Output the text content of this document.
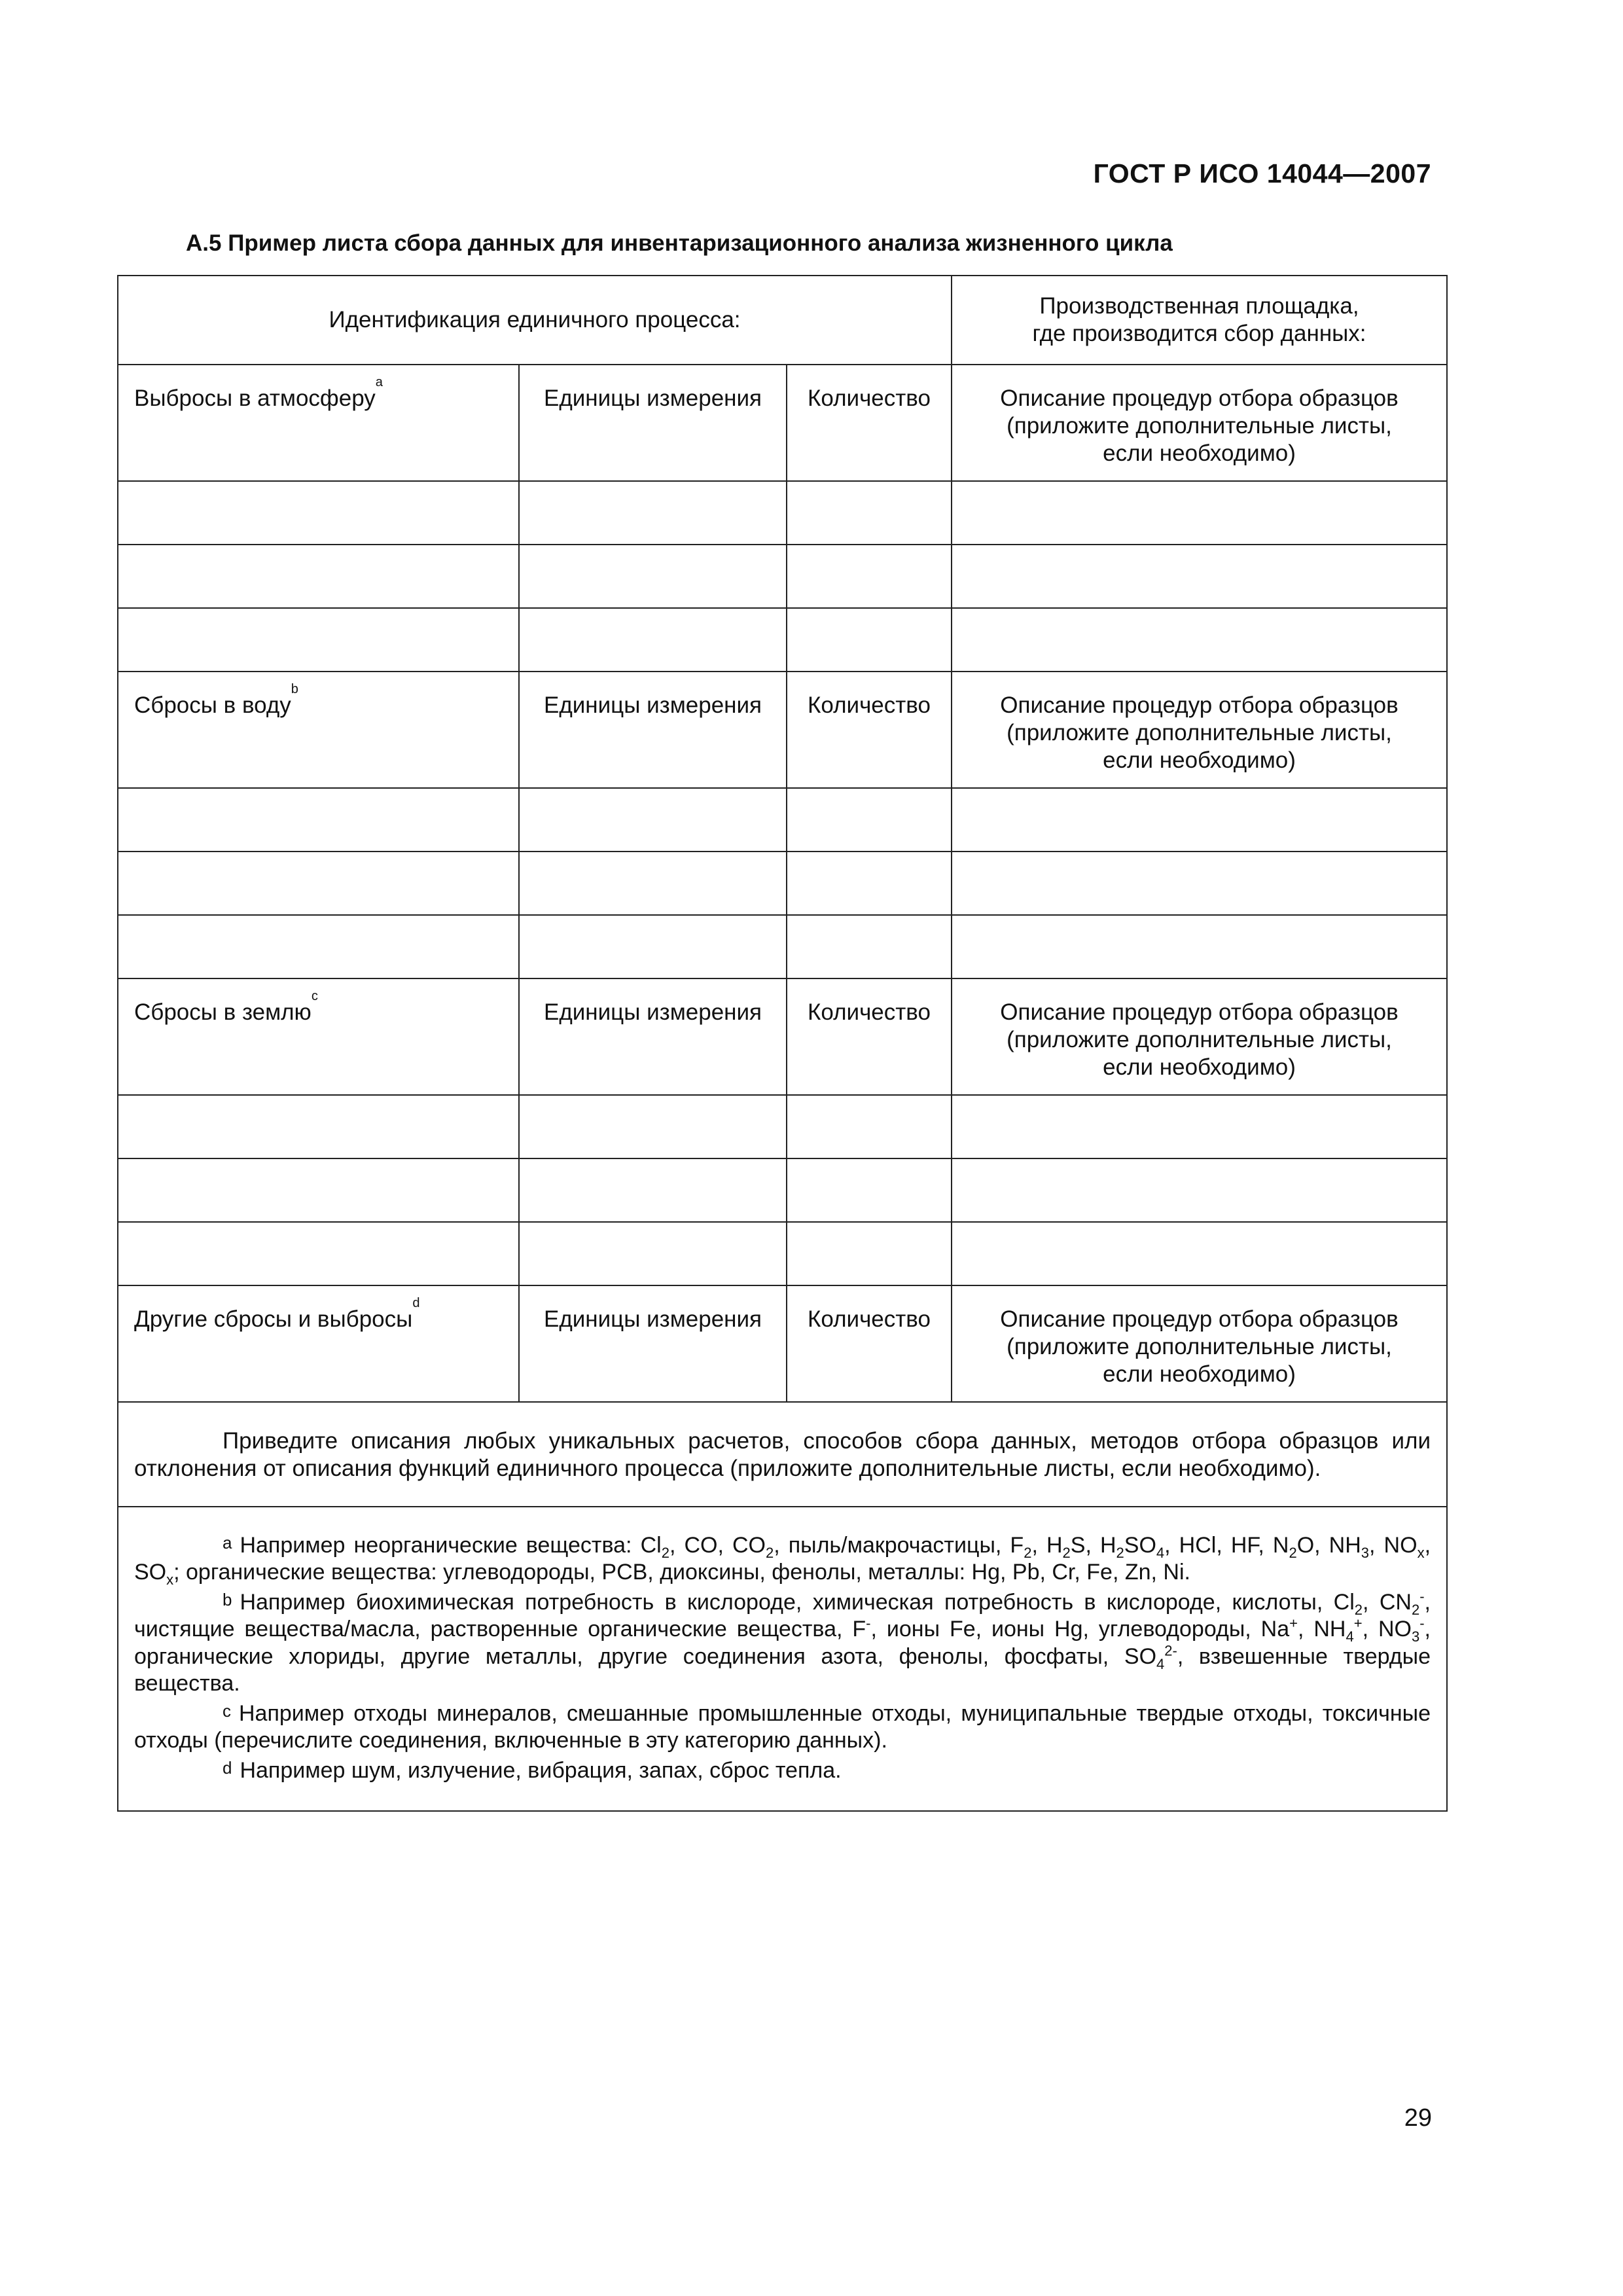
ГОСТ Р ИСО 14044—2007
А.5 Пример листа сбора данных для инвентаризационного анализа жизненного цикла
Идентификация единичного процесса:			Производственная площадка,
где производится сбор данных:
Выбросы в атмосферу$^a$	Единицы измерения	Количество	Описание процедур отбора образцов
(приложите дополнительные листы,
если необходимо)

Сбросы в воду$^b$	Единицы измерения	Количество	Описание процедур отбора образцов
(приложите дополнительные листы,
если необходимо)

Сбросы в землю$^c$	Единицы измерения	Количество	Описание процедур отбора образцов
(приложите дополнительные листы,
если необходимо)

Другие сбросы и выбросы$^d$	Единицы измерения	Количество	Описание процедур отбора образцов
(приложите дополнительные листы,
если необходимо)

Приведите описания любых уникальных расчетов, способов сбора данных, методов отбора образцов или отклонения от описания функций единичного процесса (приложите дополнительные листы, если необходимо).			

a Например неорганические вещества: $Cl_2$, CO, $CO_2$, пыль/макрочастицы, $F_2$, $H_2S$, $H_2SO_4$, HCl, HF, $N_2O$, $NH_3$, $NO_x$, $SO_x$; органические вещества: углеводороды, PCB, диоксины, фенолы, металлы: Hg, Pb, Cr, Fe, Zn, Ni.
b Например биохимическая потребность в кислороде, химическая потребность в кислороде, кислоты, $Cl_2$, $CN_2^-$, чистящие вещества/масла, растворенные органические вещества, F-, ионы Fe, ионы Hg, углеводороды, Na+, $NH_4^+$, $NO_3^-$, органические хлориды, другие металлы, другие соединения азота, фенолы, фосфаты, $SO_4^{2-}$, взвешенные твердые вещества.
c Например отходы минералов, смешанные промышленные отходы, муниципальные твердые отходы, токсичные отходы (перечислите соединения, включенные в эту категорию данных).
d Например шум, излучение, вибрация, запах, сброс тепла.			
29
